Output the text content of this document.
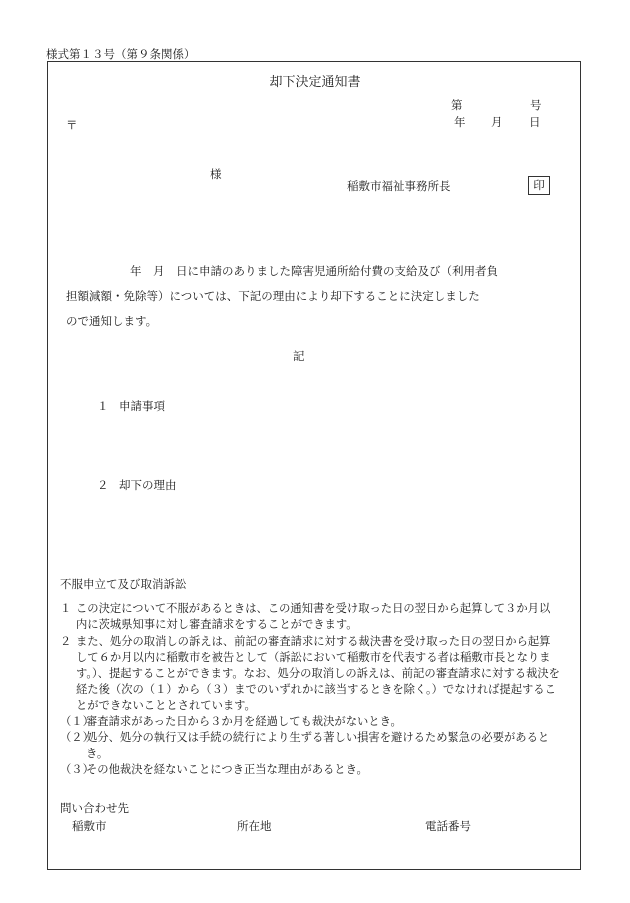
様式第１３号（第９条関係）
却下決定通知書
第	号
年 月 日
〒
様
稲敷市福祉事務所長	印
年　月　日に申請のありました障害児通所給付費の支給及び（利用者負
担額減額・免除等）については、下記の理由により却下することに決定しました
ので通知します。
記
１ 申請事項
２ 却下の理由
不服申立て及び取消訴訟
１ この決定について不服があるときは、この通知書を受け取った日の翌日から起算して３か月以内に茨城県知事に対し審査請求をすることができます。
２ また、処分の取消しの訴えは、前記の審査請求に対する裁決書を受け取った日の翌日から起算して６か月以内に稲敷市を被告として（訴訟において稲敷市を代表する者は稲敷市長となります。）、提起することができます。なお、処分の取消しの訴えは、前記の審査請求に対する裁決を経た後（次の（１）から（３）までのいずれかに該当するときを除く。）でなければ提起することができないこととされています。
（１）
審査請求があった日から３か月を経過しても裁決がないとき。
（２）
処分、処分の執行又は手続の続行により生ずる著しい損害を避けるため緊急の必要があるとき。
（３）
その他裁決を経ないことにつき正当な理由があるとき。
問い合わせ先
稲敷市	所在地	電話番号
